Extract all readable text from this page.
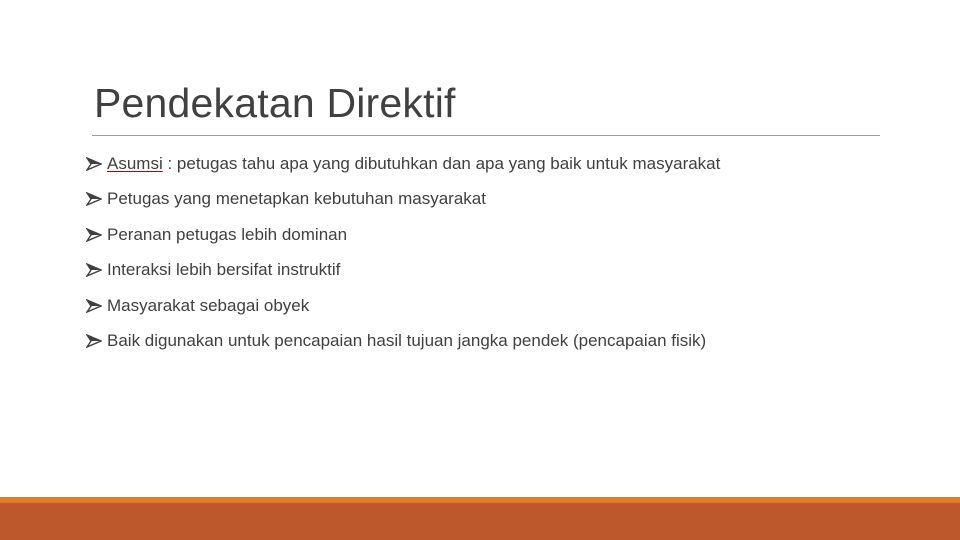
Pendekatan Direktif
Asumsi : petugas tahu apa yang dibutuhkan dan apa yang baik untuk masyarakat
Petugas yang menetapkan kebutuhan masyarakat
Peranan petugas lebih dominan
Interaksi lebih bersifat instruktif
Masyarakat sebagai obyek
Baik digunakan untuk pencapaian hasil tujuan jangka pendek (pencapaian fisik)
